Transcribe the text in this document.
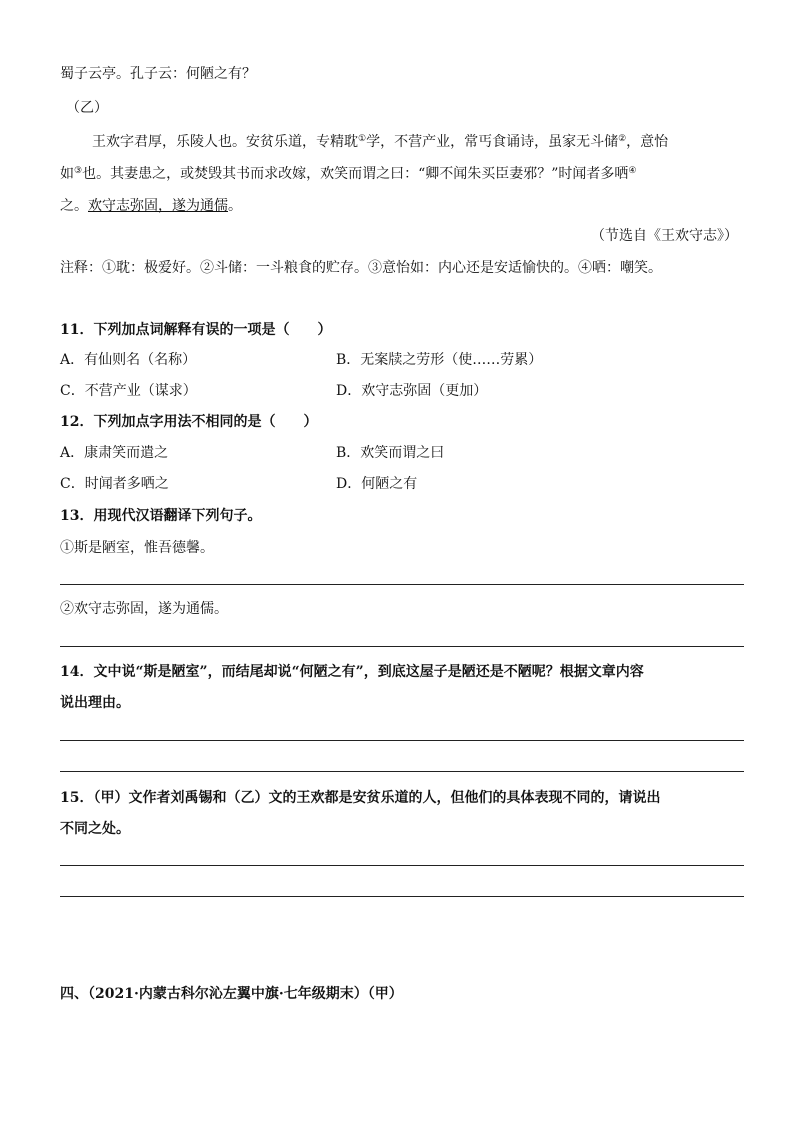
蜀子云亭。孔子云：何陋之有？
（乙）
王欢字君厚，乐陵人也。安贫乐道，专精耽①学，不营产业，常丐食诵诗，虽家无斗储②，意怡
如③也。其妻患之，或焚毁其书而求改嫁，欢笑而谓之曰：“卿不闻朱买臣妻邪？”时闻者多哂④
之。欢守志弥固，遂为通儒。
（节选自《王欢守志》）
注释：①耽：极爱好。②斗储：一斗粮食的贮存。③意怡如：内心还是安适愉快的。④哂：嘲笑。
11．下列加点词解释有误的一项是（　　）
A．有仙则名（名称）	B．无案牍之劳形（使……劳累）
C．不营产业（谋求）	D．欢守志弥固（更加）
12．下列加点字用法不相同的是（　　）
A．康肃笑而遣之	B．欢笑而谓之曰
C．时闻者多哂之	D．何陋之有
13．用现代汉语翻译下列句子。
①斯是陋室，惟吾德馨。
②欢守志弥固，遂为通儒。
14．文中说“斯是陋室”，而结尾却说“何陋之有”，到底这屋子是陋还是不陋呢？根据文章内容
说出理由。
15．（甲）文作者刘禹锡和（乙）文的王欢都是安贫乐道的人，但他们的具体表现不同的，请说出
不同之处。
四、（2021·内蒙古科尔沁左翼中旗·七年级期末）（甲）
